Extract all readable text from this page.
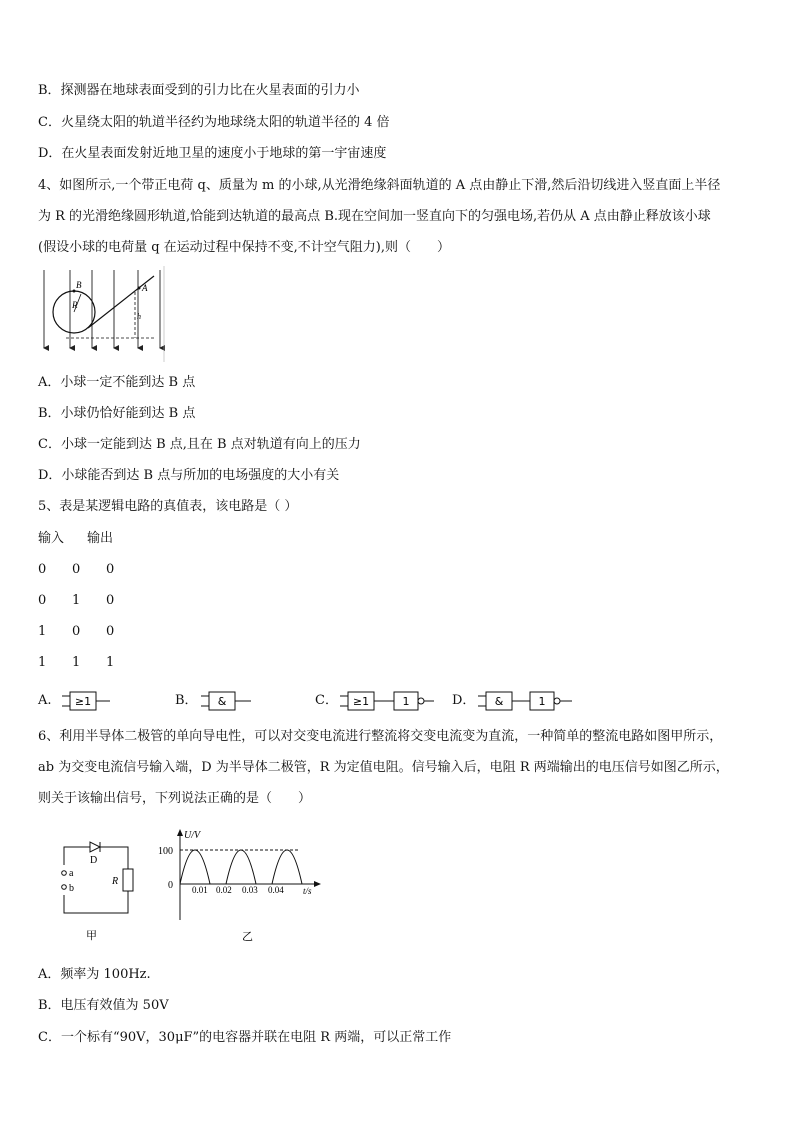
B．探测器在地球表面受到的引力比在火星表面的引力小
C．火星绕太阳的轨道半径约为地球绕太阳的轨道半径的 4 倍
D．在火星表面发射近地卫星的速度小于地球的第一宇宙速度
4、如图所示,一个带正电荷 q、质量为 m 的小球,从光滑绝缘斜面轨道的 A 点由静止下滑,然后沿切线进入竖直面上半径
为 R 的光滑绝缘圆形轨道,恰能到达轨道的最高点 B.现在空间加一竖直向下的匀强电场,若仍从 A 点由静止释放该小球
(假设小球的电荷量 q 在运动过程中保持不变,不计空气阻力),则（　　）
B
R
A
h
A．小球一定不能到达 B 点
B．小球仍恰好能到达 B 点
C．小球一定能到达 B 点,且在 B 点对轨道有向上的压力
D．小球能否到达 B 点与所加的电场强度的大小有关
5、表是某逻辑电路的真值表，该电路是（ ）
输入 输出
0 0 0
0 1 0
1 0 0
1 1 1
A. ≥1	B． &	C． ≥1	1	D． &	1
6、利用半导体二极管的单向导电性，可以对交变电流进行整流将交变电流变为直流，一种简单的整流电路如图甲所示，
ab 为交变电流信号输入端，D 为半导体二极管，R 为定值电阻。信号输入后，电阻 R 两端输出的电压信号如图乙所示，
则关于该输出信号，下列说法正确的是（　　）
D
a
b
R
甲
U/V
100
0 0.01 0.02 0.03 0.04 t/s
乙
A．频率为 100Hz.
B．电压有效值为 50V
C．一个标有“90V，30μF”的电容器并联在电阻 R 两端，可以正常工作
